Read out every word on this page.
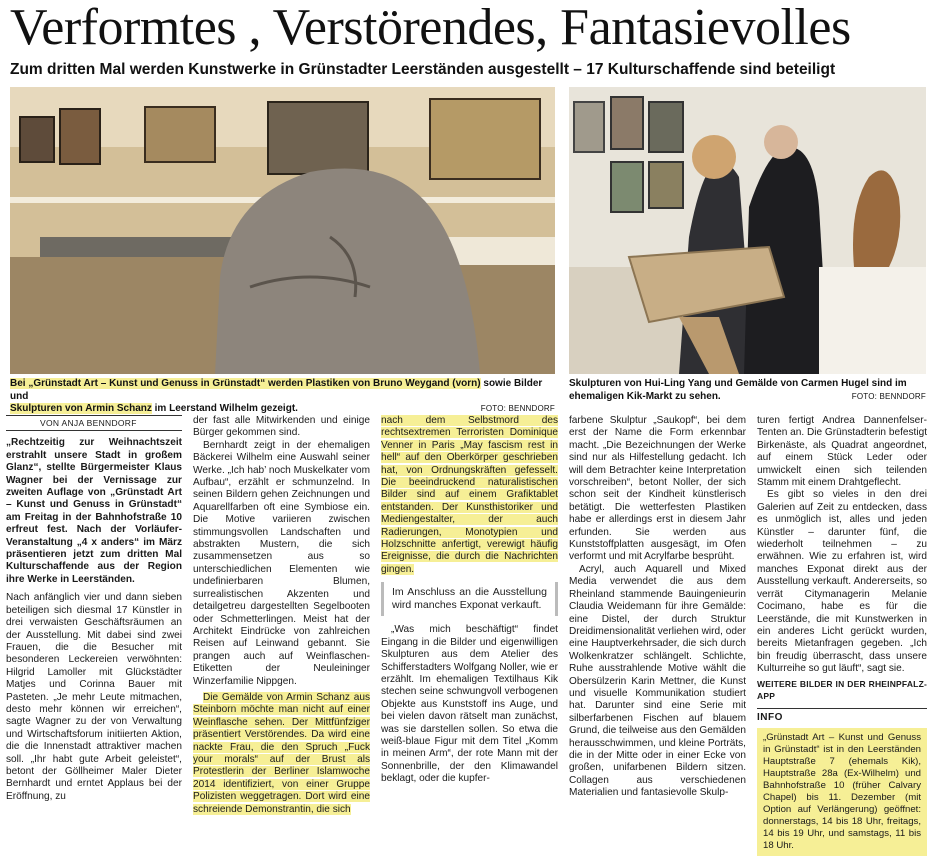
Verformtes , Verstörendes, Fantasievolles
Zum dritten Mal werden Kunstwerke in Grünstadter Leerständen ausgestellt – 17 Kulturschaffende sind beteiligt
Bei „Grünstadt Art – Kunst und Genuss in Grünstadt“ werden Plastiken von Bruno Weygand (vorn) sowie Bilder und
Skulpturen von Armin Schanz im Leerstand Wilhelm gezeigt.	FOTO: BENNDORF
Skulpturen von Hui-Ling Yang und Gemälde von Carmen Hugel sind im ehemaligen Kik-Markt zu sehen.	FOTO: BENNDORF
VON ANJA BENNDORF

„Rechtzeitig zur Weihnachtszeit erstrahlt unsere Stadt in großem Glanz“, stellte Bürgermeister Klaus Wagner bei der Vernissage zur zweiten Auflage von „Grünstadt Art – Kunst und Genuss in Grünstadt“ am Freitag in der Bahnhofstraße 10 erfreut fest. Nach der Vorläufer-Veranstaltung „4 x anders“ im März präsentieren jetzt zum dritten Mal Kulturschaffende aus der Region ihre Werke in Leerständen.

Nach anfänglich vier und dann sieben beteiligen sich diesmal 17 Künstler in drei verwaisten Geschäftsräumen an der Ausstellung. Mit dabei sind zwei Frauen, die die Besucher mit besonderen Leckereien verwöhnten: Hilgrid Lamoller mit Glückstädter Matjes und Corinna Bauer mit Pasteten. „Je mehr Leute mitmachen, desto mehr können wir erreichen“, sagte Wagner zu der von Verwaltung und Wirtschaftsforum initiierten Aktion, die die Innenstadt attraktiver machen soll. „Ihr habt gute Arbeit geleistet“, betont der Göllheimer Maler Dieter Bernhardt und erntet Applaus bei der Eröffnung, zu

der fast alle Mitwirkenden und einige Bürger gekommen sind.

Bernhardt zeigt in der ehemaligen Bäckerei Wilhelm eine Auswahl seiner Werke. „Ich hab’ noch Muskelkater vom Aufbau“, erzählt er schmunzelnd. In seinen Bildern gehen Zeichnungen und Aquarellfarben oft eine Symbiose ein. Die Motive variieren zwischen stimmungsvollen Landschaften und abstrakten Mustern, die sich zusammensetzen aus so unterschiedlichen Elementen wie undefinierbaren Blumen, surrealistischen Akzenten und detailgetreu dargestellten Segelbooten oder Schmetterlingen. Meist hat der Architekt Eindrücke von zahlreichen Reisen auf Leinwand gebannt. Sie prangen auch auf Weinflaschen-Etiketten der Neuleininger Winzerfamilie Nippgen.

Die Gemälde von Armin Schanz aus Steinborn möchte man nicht auf einer Weinflasche sehen. Der Mittfünfziger präsentiert Verstörendes. Da wird eine nackte Frau, die den Spruch „Fuck your morals“ auf der Brust als Protestlerin der Berliner Islamwoche 2014 identifiziert, von einer Gruppe Polizisten weggetragen. Dort wird eine schreiende Demonstrantin, die sich

nach dem Selbstmord des rechtsextremen Terroristen Dominique Venner in Paris „May fascism rest in hell“ auf den Oberkörper geschrieben hat, von Ordnungskräften gefesselt. Die beeindruckend naturalistischen Bilder sind auf einem Grafiktablet entstanden. Der Kunsthistoriker und Mediengestalter, der auch Radierungen, Monotypien und Holzschnitte anfertigt, verewigt häufig Ereignisse, die durch die Nachrichten gingen.

Im Anschluss an die Ausstellung wird manches Exponat verkauft.

„Was mich beschäftigt“ findet Eingang in die Bilder und eigenwilligen Skulpturen aus dem Atelier des Schifferstadters Wolfgang Noller, wie er erzählt. Im ehemaligen Textilhaus Kik stechen seine schwungvoll verbogenen Objekte aus Kunststoff ins Auge, und bei vielen davon rätselt man zunächst, was sie darstellen sollen. So etwa die weiß-blaue Figur mit dem Titel „Komm in meinen Arm“, der rote Mann mit der Sonnenbrille, der den Klimawandel beklagt, oder die kupfer-

farbene Skulptur „Saukopf“, bei dem erst der Name die Form erkennbar macht. „Die Bezeichnungen der Werke sind nur als Hilfestellung gedacht. Ich will dem Betrachter keine Interpretation vorschreiben“, betont Noller, der sich schon seit der Kindheit künstlerisch betätigt. Die wetterfesten Plastiken habe er allerdings erst in diesem Jahr erfunden. Sie werden aus Kunststoffplatten ausgesägt, im Ofen verformt und mit Acrylfarbe besprüht.

Acryl, auch Aquarell und Mixed Media verwendet die aus dem Rheinland stammende Bauingenieurin Claudia Weidemann für ihre Gemälde: eine Distel, der durch Struktur Dreidimensionalität verliehen wird, oder eine Hauptverkehrsader, die sich durch Wolkenkratzer schlängelt. Schlichte, Ruhe ausstrahlende Motive wählt die Obersülzerin Karin Mettner, die Kunst und visuelle Kommunikation studiert hat. Darunter sind eine Serie mit silberfarbenen Fischen auf blauem Grund, die teilweise aus den Gemälden herausschwimmen, und kleine Porträts, die in der Mitte oder in einer Ecke von großen, unifarbenen Bildern sitzen. Collagen aus verschiedenen Materialien und fantasievolle Skulp-

turen fertigt Andrea Dannenfelser-Tenten an. Die Grünstadterin befestigt Birkenäste, als Quadrat angeordnet, auf einem Stück Leder oder umwickelt einen sich teilenden Stamm mit einem Drahtgeflecht.

Es gibt so vieles in den drei Galerien auf Zeit zu entdecken, dass es unmöglich ist, alles und jeden Künstler – darunter fünf, die wiederholt teilnehmen – zu erwähnen. Wie zu erfahren ist, wird manches Exponat direkt aus der Ausstellung verkauft. Andererseits, so verrät Citymanagerin Melanie Cocimano, habe es für die Leerstände, die mit Kunstwerken in ein anderes Licht gerückt wurden, bereits Mietanfragen gegeben. „Ich bin freudig überrascht, dass unsere Kulturreihe so gut läuft“, sagt sie.

WEITERE BILDER IN DER RHEINPFALZ-APP
INFO
„Grünstadt Art – Kunst und Genuss in Grünstadt“ ist in den Leerständen Hauptstraße 7 (ehemals Kik), Hauptstraße 28a (Ex-Wilhelm) und Bahnhofstraße 10 (früher Calvary Chapel) bis 11. Dezember (mit Option auf Verlängerung) geöffnet: donnerstags, 14 bis 18 Uhr, freitags, 14 bis 19 Uhr, und samstags, 11 bis 18 Uhr.
